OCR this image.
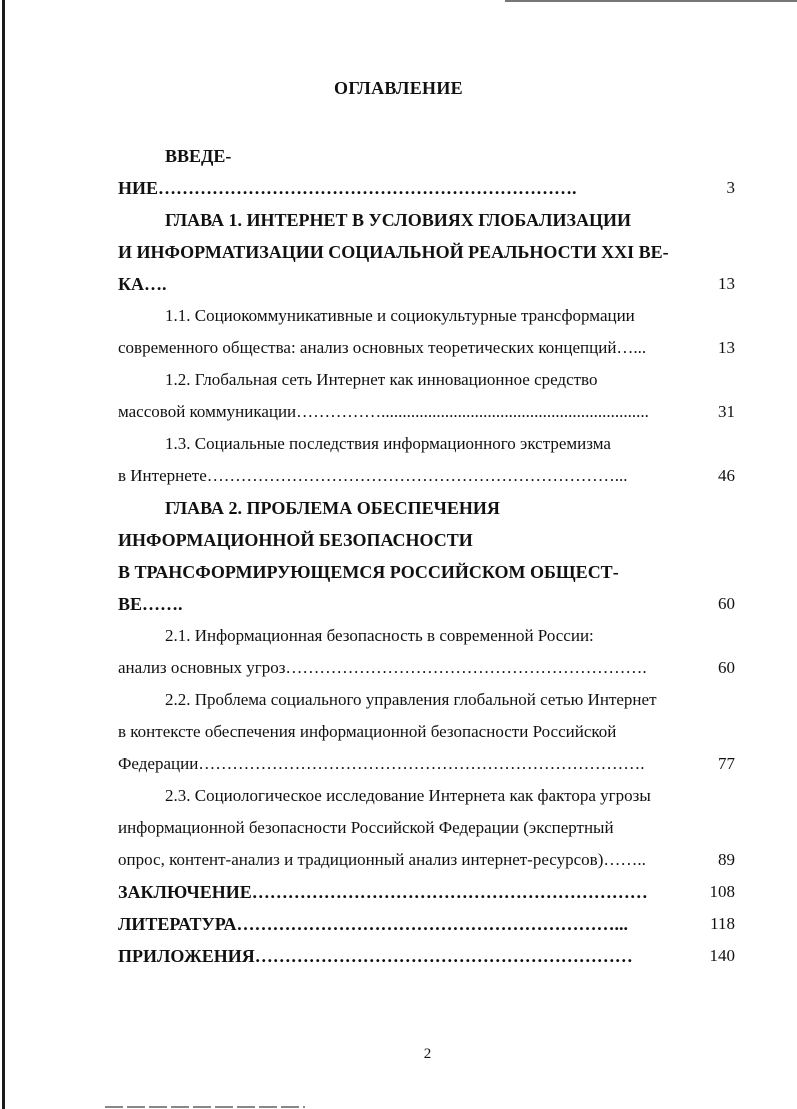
ОГЛАВЛЕНИЕ
ВВЕДЕ-
НИЕ…………………………………………………………….	3
ГЛАВА 1. ИНТЕРНЕТ В УСЛОВИЯХ ГЛОБАЛИЗАЦИИ
И ИНФОРМАТИЗАЦИИ СОЦИАЛЬНОЙ РЕАЛЬНОСТИ XXI ВЕ-
КА….	13
1.1. Социокоммуникативные и социокультурные трансформации
современного общества: анализ основных теоретических концепций…...	13
1.2. Глобальная сеть Интернет как инновационное средство
массовой коммуникации……………...............................................................	31
1.3. Социальные последствия информационного экстремизма
в Интернете………………………………………………………………...	46
ГЛАВА 2. ПРОБЛЕМА ОБЕСПЕЧЕНИЯ
ИНФОРМАЦИОННОЙ БЕЗОПАСНОСТИ
В ТРАНСФОРМИРУЮЩЕМСЯ РОССИЙСКОМ ОБЩЕСТ-
ВЕ…….	60
2.1. Информационная безопасность в современной России:
анализ основных угроз……………………………………………………….	60
2.2. Проблема социального управления глобальной сетью Интернет
в контексте обеспечения информационной безопасности Российской
Федерации…………………………………………………………………….	77
2.3. Социологическое исследование Интернета как фактора угрозы
информационной безопасности Российской Федерации (экспертный
опрос, контент-анализ и традиционный анализ интернет-ресурсов)……..	89
ЗАКЛЮЧЕНИЕ…………………………………………………………	108
ЛИТЕРАТУРА………………………………………………………...	118
ПРИЛОЖЕНИЯ………………………………………………………	140
2
